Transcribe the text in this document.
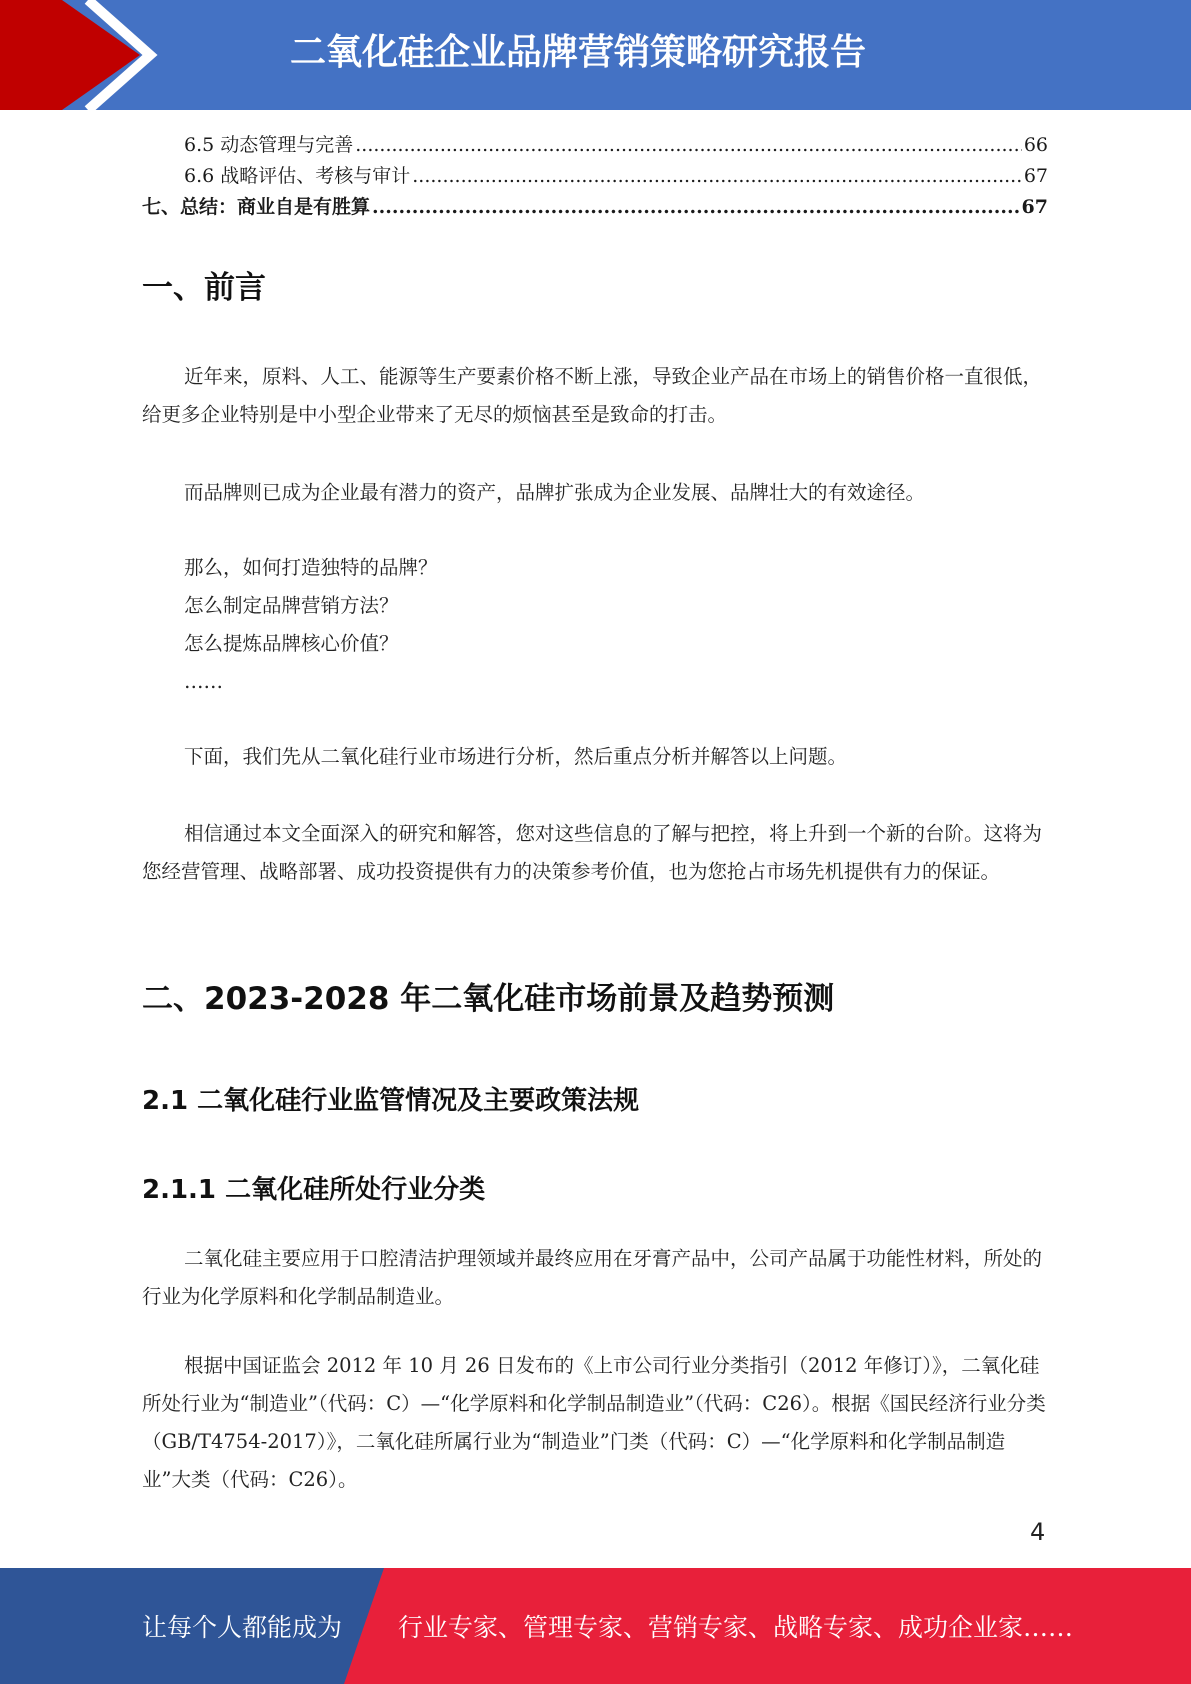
二氧化硅企业品牌营销策略研究报告
6.5 动态管理与完善 .....	66
6.6 战略评估、考核与审计 .....	67
七、总结：商业自是有胜算 .....	67
一、前言

近年来，原料、人工、能源等生产要素价格不断上涨，导致企业产品在市场上的销售价格一直很低，给更多企业特别是中小型企业带来了无尽的烦恼甚至是致命的打击。

而品牌则已成为企业最有潜力的资产，品牌扩张成为企业发展、品牌壮大的有效途径。

那么，如何打造独特的品牌？
怎么制定品牌营销方法？
怎么提炼品牌核心价值？
……

下面，我们先从二氧化硅行业市场进行分析，然后重点分析并解答以上问题。

相信通过本文全面深入的研究和解答，您对这些信息的了解与把控，将上升到一个新的台阶。这将为您经营管理、战略部署、成功投资提供有力的决策参考价值，也为您抢占市场先机提供有力的保证。

二、2023-2028 年二氧化硅市场前景及趋势预测
2.1 二氧化硅行业监管情况及主要政策法规
2.1.1 二氧化硅所处行业分类

二氧化硅主要应用于口腔清洁护理领域并最终应用在牙膏产品中，公司产品属于功能性材料，所处的行业为化学原料和化学制品制造业。

根据中国证监会 2012 年 10 月 26 日发布的《上市公司行业分类指引（2012 年修订）》，二氧化硅所处行业为“制造业”（代码：C）—“化学原料和化学制品制造业”（代码：C26）。根据《国民经济行业分类（GB/T4754-2017）》，二氧化硅所属行业为“制造业”门类（代码：C）—“化学原料和化学制品制造业”大类（代码：C26）。

4
让每个人都能成为 行业专家、管理专家、营销专家、战略专家、成功企业家……
